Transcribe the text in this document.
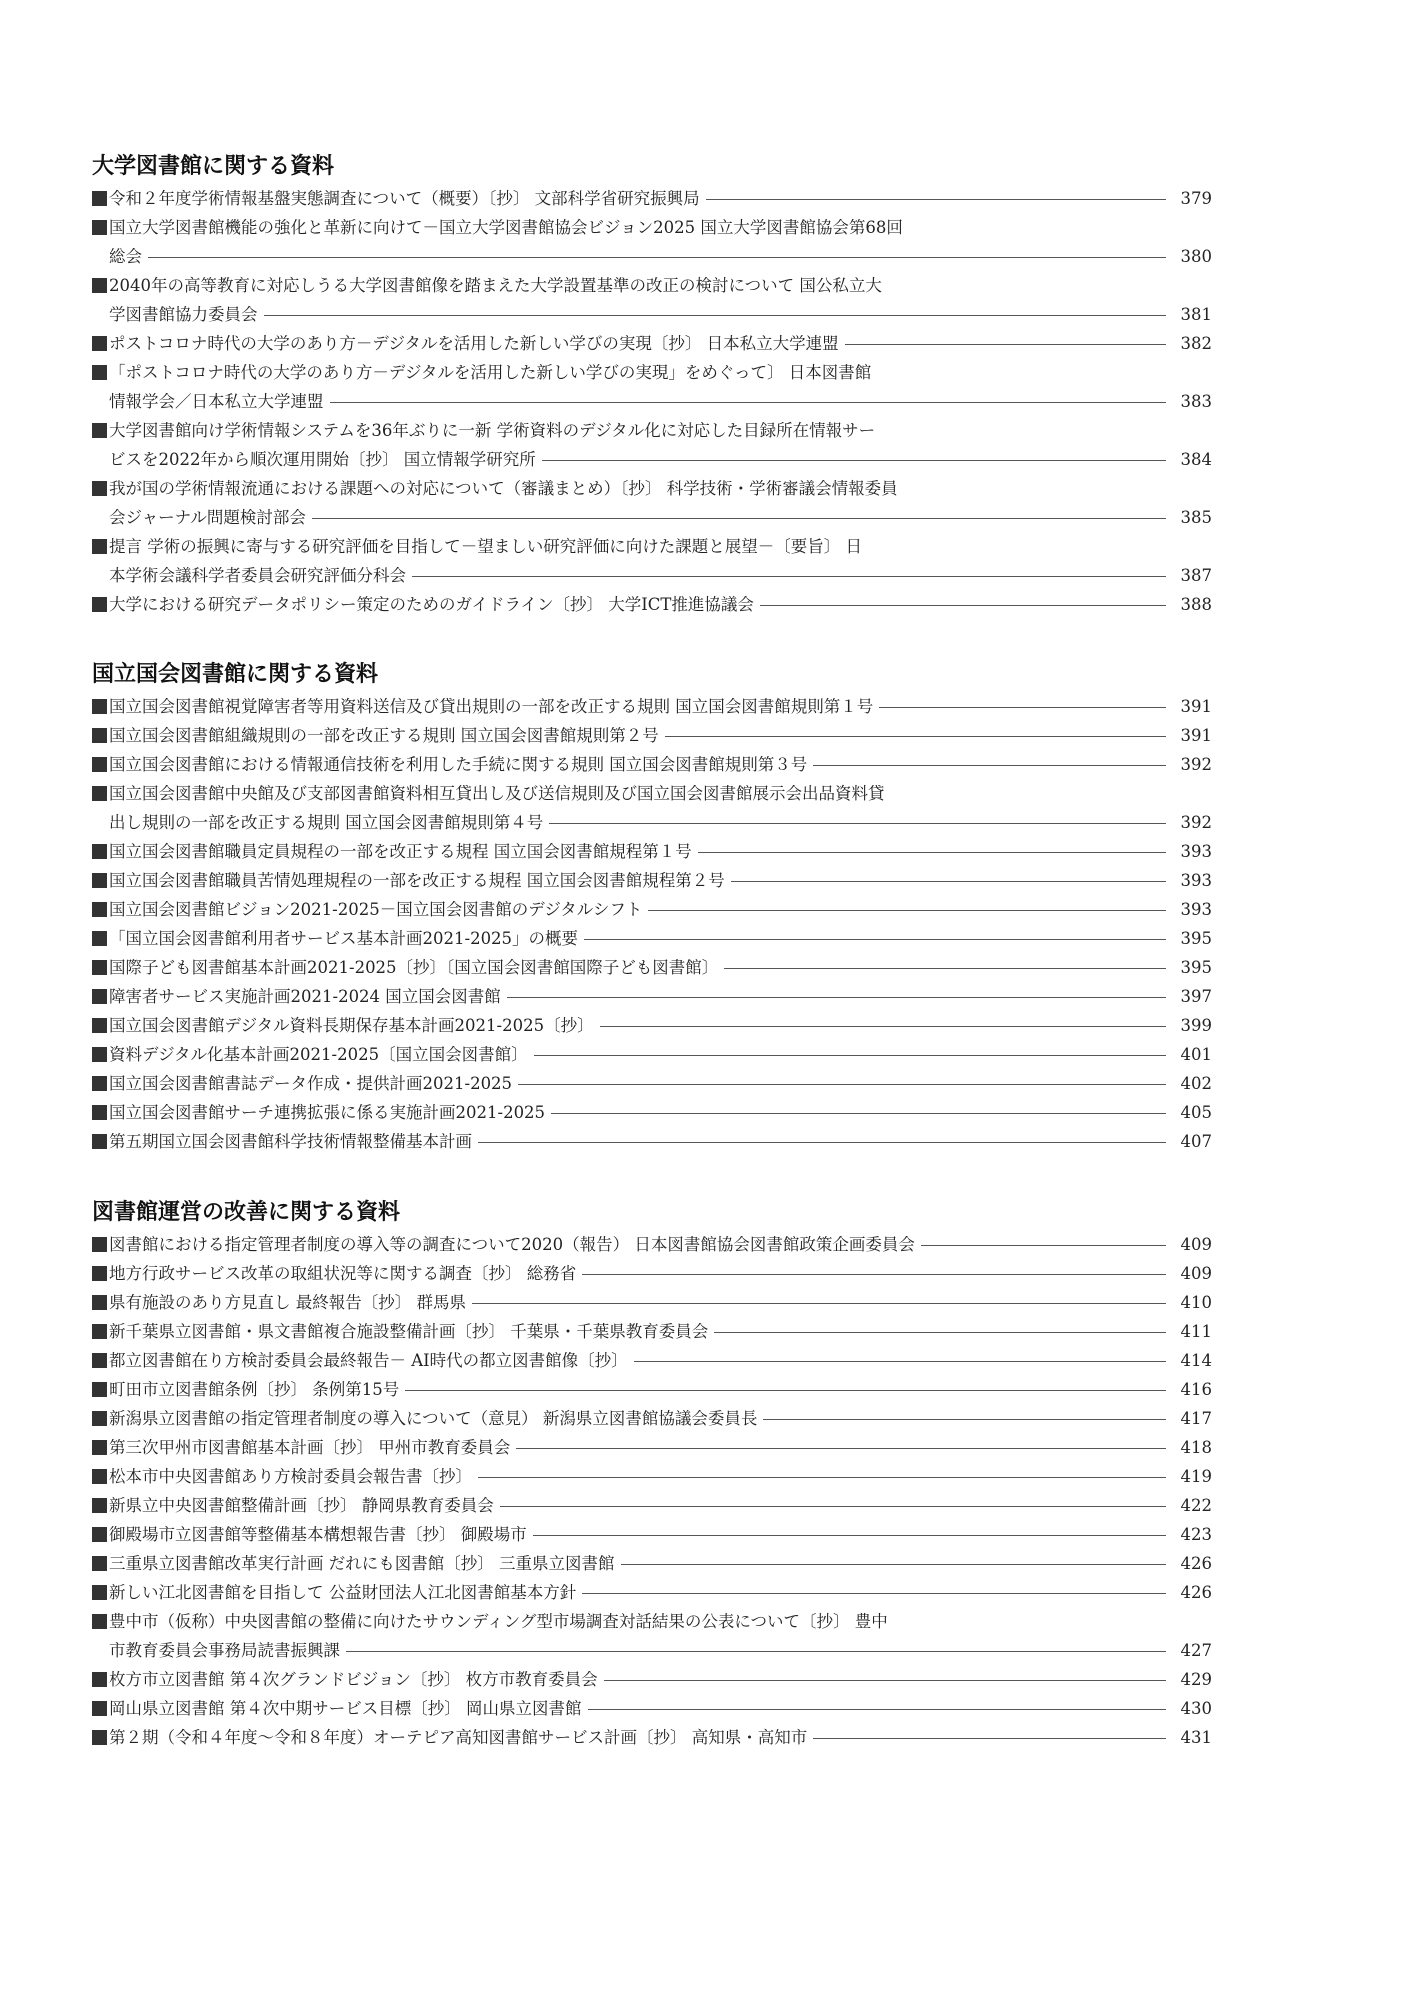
大学図書館に関する資料
令和２年度学術情報基盤実態調査について（概要）〔抄〕 文部科学省研究振興局	379
国立大学図書館機能の強化と革新に向けて－国立大学図書館協会ビジョン2025 国立大学図書館協会第68回
総会	380
2040年の高等教育に対応しうる大学図書館像を踏まえた大学設置基準の改正の検討について 国公私立大
学図書館協力委員会	381
ポストコロナ時代の大学のあり方－デジタルを活用した新しい学びの実現〔抄〕 日本私立大学連盟	382
「ポストコロナ時代の大学のあり方－デジタルを活用した新しい学びの実現」をめぐって〕 日本図書館
情報学会／日本私立大学連盟	383
大学図書館向け学術情報システムを36年ぶりに一新 学術資料のデジタル化に対応した目録所在情報サー
ビスを2022年から順次運用開始〔抄〕 国立情報学研究所	384
我が国の学術情報流通における課題への対応について（審議まとめ）〔抄〕 科学技術・学術審議会情報委員
会ジャーナル問題検討部会	385
提言 学術の振興に寄与する研究評価を目指して－望ましい研究評価に向けた課題と展望－〔要旨〕 日
本学術会議科学者委員会研究評価分科会	387
大学における研究データポリシー策定のためのガイドライン〔抄〕 大学ICT推進協議会	388
国立国会図書館に関する資料
国立国会図書館視覚障害者等用資料送信及び貸出規則の一部を改正する規則 国立国会図書館規則第１号	391
国立国会図書館組織規則の一部を改正する規則 国立国会図書館規則第２号	391
国立国会図書館における情報通信技術を利用した手続に関する規則 国立国会図書館規則第３号	392
国立国会図書館中央館及び支部図書館資料相互貸出し及び送信規則及び国立国会図書館展示会出品資料貸
出し規則の一部を改正する規則 国立国会図書館規則第４号	392
国立国会図書館職員定員規程の一部を改正する規程 国立国会図書館規程第１号	393
国立国会図書館職員苦情処理規程の一部を改正する規程 国立国会図書館規程第２号	393
国立国会図書館ビジョン2021-2025－国立国会図書館のデジタルシフト	393
「国立国会図書館利用者サービス基本計画2021-2025」の概要	395
国際子ども図書館基本計画2021-2025〔抄〕〔国立国会図書館国際子ども図書館〕	395
障害者サービス実施計画2021-2024 国立国会図書館	397
国立国会図書館デジタル資料長期保存基本計画2021-2025〔抄〕	399
資料デジタル化基本計画2021-2025〔国立国会図書館〕	401
国立国会図書館書誌データ作成・提供計画2021-2025	402
国立国会図書館サーチ連携拡張に係る実施計画2021-2025	405
第五期国立国会図書館科学技術情報整備基本計画	407
図書館運営の改善に関する資料
図書館における指定管理者制度の導入等の調査について2020（報告） 日本図書館協会図書館政策企画委員会	409
地方行政サービス改革の取組状況等に関する調査〔抄〕 総務省	409
県有施設のあり方見直し 最終報告〔抄〕 群馬県	410
新千葉県立図書館・県文書館複合施設整備計画〔抄〕 千葉県・千葉県教育委員会	411
都立図書館在り方検討委員会最終報告－ AI時代の都立図書館像〔抄〕	414
町田市立図書館条例〔抄〕 条例第15号	416
新潟県立図書館の指定管理者制度の導入について（意見） 新潟県立図書館協議会委員長	417
第三次甲州市図書館基本計画〔抄〕 甲州市教育委員会	418
松本市中央図書館あり方検討委員会報告書〔抄〕	419
新県立中央図書館整備計画〔抄〕 静岡県教育委員会	422
御殿場市立図書館等整備基本構想報告書〔抄〕 御殿場市	423
三重県立図書館改革実行計画 だれにも図書館〔抄〕 三重県立図書館	426
新しい江北図書館を目指して 公益財団法人江北図書館基本方針	426
豊中市（仮称）中央図書館の整備に向けたサウンディング型市場調査対話結果の公表について〔抄〕 豊中
市教育委員会事務局読書振興課	427
枚方市立図書館 第４次グランドビジョン〔抄〕 枚方市教育委員会	429
岡山県立図書館 第４次中期サービス目標〔抄〕 岡山県立図書館	430
第２期（令和４年度～令和８年度）オーテピア高知図書館サービス計画〔抄〕 高知県・高知市	431
